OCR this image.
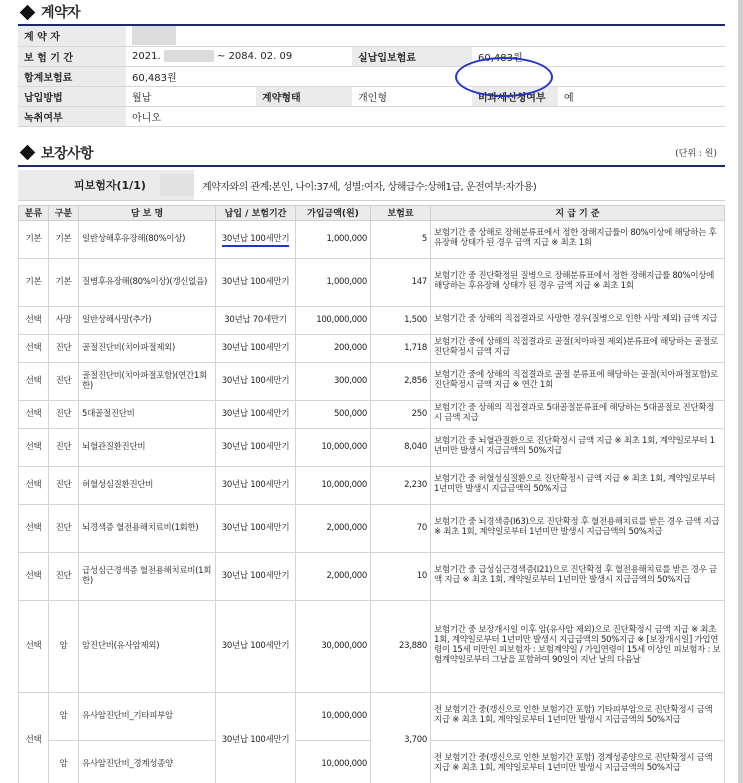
계약자
계 약 자					
보 험 기 간	2021. ~ 2084. 02. 09		실납입보험료	60,483원	
합계보험료	60,483원				
납입방법	월납	계약형태	개인형	비과세신청여부	예
녹취여부	아니오				
보장사항	(단위 : 원)
피보험자(1/1)	계약자와의 관계:본인, 나이:37세, 성별:여자, 상해급수:상해1급, 운전여부:자가용)
분류	구분	담 보 명	납입 / 보험기간	가입금액(원)	보험료	지 급 기 준
기본	기본	일반상해후유장해(80%이상)	30년납 100세만기	1,000,000	5	보험기간 중 상해로 장해분류표에서 정한 장해지급률이 80%이상에 해당하는 후유장해 상태가 된 경우 금액 지급 ※ 최초 1회
기본	기본	질병후유장해(80%이상)(갱신없음)	30년납 100세만기	1,000,000	147	보험기간 중 진단확정된 질병으로 장해분류표에서 정한 장해지급률 80%이상에 해당하는 후유장해 상태가 된 경우 금액 지급 ※ 최초 1회
선택	사망	일반상해사망(추가)	30년납 70세만기	100,000,000	1,500	보험기간 중 상해의 직접결과로 사망한 경우(질병으로 인한 사망 제외) 금액 지급
선택	진단	골절진단비(치아파절제외)	30년납 100세만기	200,000	1,718	보험기간 중에 상해의 직접결과로 골절(치아파절 제외)분류표에 해당하는 골절로 진단확정시 금액 지급
선택	진단	골절진단비(치아파절포함)(연간1회한)	30년납 100세만기	300,000	2,856	보험기간 중에 상해의 직접결과로 골절 분류표에 해당하는 골절(치아파절포함)로 진단확정시 금액 지급 ※ 연간 1회
선택	진단	5대골절진단비	30년납 100세만기	500,000	250	보험기간 중 상해의 직접결과로 5대골절분류표에 해당하는 5대골절로 진단확정시 금액 지급
선택	진단	뇌혈관질환진단비	30년납 100세만기	10,000,000	8,040	보험기간 중 뇌혈관질환으로 진단확정시 금액 지급 ※ 최초 1회, 계약일로부터 1년미만 발생시 지급금액의 50%지급
선택	진단	허혈성심질환진단비	30년납 100세만기	10,000,000	2,230	보험기간 중 허혈성심질환으로 진단확정시 금액 지급 ※ 최초 1회, 계약일로부터 1년미만 발생시 지급금액의 50%지급
선택	진단	뇌경색증 혈전용해치료비(1회한)	30년납 100세만기	2,000,000	70	보험기간 중 뇌경색증(I63)으로 진단확정 후 혈전용해치료를 받은 경우 금액 지급 ※ 최초 1회, 계약일로부터 1년미만 발생시 지급금액의 50%지급
선택	진단	급성심근경색증 혈전용해치료비(1회한)	30년납 100세만기	2,000,000	10	보험기간 중 급성심근경색증(I21)으로 진단확정 후 혈전용해치료를 받은 경우 금액 지급 ※ 최초 1회, 계약일로부터 1년미만 발생시 지급금액의 50%지급
선택	암	암진단비(유사암제외)	30년납 100세만기	30,000,000	23,880	보험기간 중 보장개시일 이후 암(유사암 제외)으로 진단확정시 금액 지급 ※ 최초 1회, 계약일로부터 1년미만 발생시 지급금액의 50%지급 ※ [보장개시일] 가입연령이 15세 미만인 피보험자 : 보험계약일 / 가입연령이 15세 이상인 피보험자 : 보험계약일로부터 그날을 포함하여 90일이 지난 날의 다음날
선택	암	유사암진단비_기타피부암	30년납 100세만기	10,000,000	3,700	전 보험기간 중(갱신으로 인한 보험기간 포함) 기타피부암으로 진단확정시 금액 지급 ※ 최초 1회, 계약일로부터 1년미만 발생시 지급금액의 50%지급
	암	유사암진단비_경계성종양		10,000,000		전 보험기간 중(갱신으로 인한 보험기간 포함) 경계성종양으로 진단확정시 금액 지급 ※ 최초 1회, 계약일로부터 1년미만 발생시 지급금액의 50%지급
